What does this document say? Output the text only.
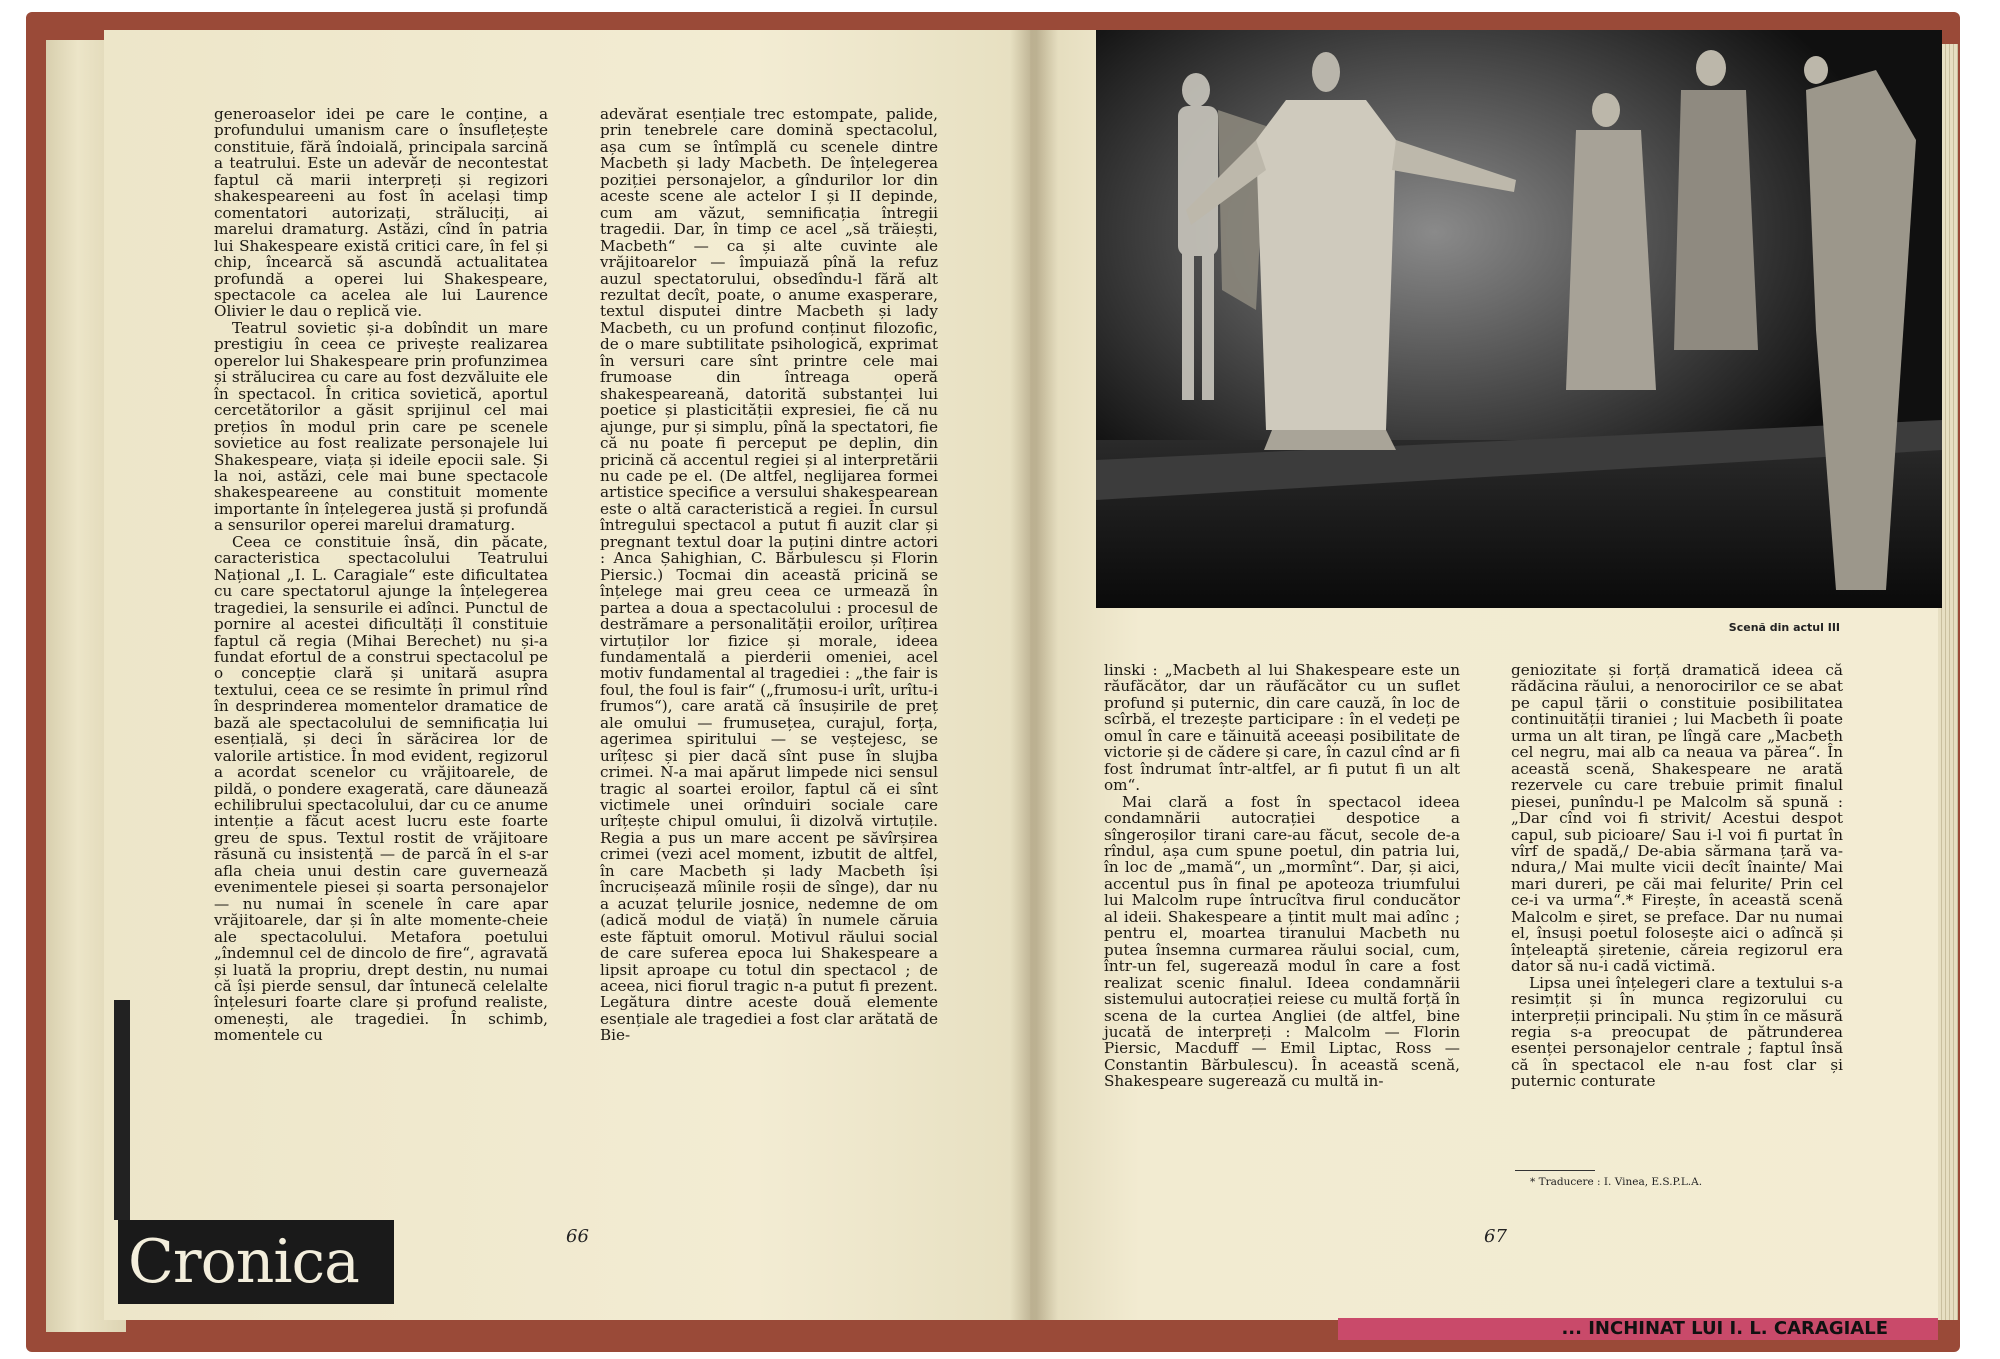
generoaselor idei pe care le conține, a profundului umanism care o însuflețește constituie, fără îndoială, principala sarcină a teatrului. Este un adevăr de necontestat faptul că marii interpreți și regizori shakespeareeni au fost în același timp comentatori autorizați, străluciți, ai marelui dramaturg. Astăzi, cînd în patria lui Shakespeare există critici care, în fel și chip, încearcă să ascundă actualitatea profundă a operei lui Shakespeare, spectacole ca acelea ale lui Laurence Olivier le dau o replică vie.

Teatrul sovietic și-a dobîndit un mare prestigiu în ceea ce privește realizarea operelor lui Shakespeare prin profunzimea și strălucirea cu care au fost dezvăluite ele în spectacol. În critica sovietică, aportul cercetătorilor a găsit sprijinul cel mai prețios în modul prin care pe scenele sovietice au fost realizate personajele lui Shakespeare, viața și ideile epocii sale. Și la noi, astăzi, cele mai bune spectacole shakespeareene au constituit momente importante în înțelegerea justă și profundă a sensurilor operei marelui dramaturg.

Ceea ce constituie însă, din păcate, caracteristica spectacolului Teatrului Național „I. L. Caragiale“ este dificultatea cu care spectatorul ajunge la înțelegerea tragediei, la sensurile ei adînci. Punctul de pornire al acestei dificultăți îl constituie faptul că regia (Mihai Berechet) nu și-a fundat efortul de a construi spectacolul pe o concepție clară și unitară asupra textului, ceea ce se resimte în primul rînd în desprinderea momentelor dramatice de bază ale spectacolului de semnificația lui esențială, și deci în sărăcirea lor de valorile artistice. În mod evident, regizorul a acordat scenelor cu vrăjitoarele, de pildă, o pondere exagerată, care dăunează echilibrului spectacolului, dar cu ce anume intenție a făcut acest lucru este foarte greu de spus. Textul rostit de vrăjitoare răsună cu insistență — de parcă în el s-ar afla cheia unui destin care guvernează evenimentele piesei și soarta personajelor — nu numai în scenele în care apar vrăjitoarele, dar și în alte momente-cheie ale spectacolului. Metafora poetului „îndemnul cel de dincolo de fire“, agravată și luată la propriu, drept destin, nu numai că își pierde sensul, dar întunecă celelalte înțelesuri foarte clare și profund realiste, omenești, ale tragediei. În schimb, momentele cu

adevărat esențiale trec estompate, palide, prin tenebrele care domină spectacolul, așa cum se întîmplă cu scenele dintre Macbeth și lady Macbeth. De înțelegerea poziției personajelor, a gîndurilor lor din aceste scene ale actelor I și II depinde, cum am văzut, semnificația întregii tragedii. Dar, în timp ce acel „să trăiești, Macbeth“ — ca și alte cuvinte ale vrăjitoarelor — împuiază pînă la refuz auzul spectatorului, obsedîndu-l fără alt rezultat decît, poate, o anume exasperare, textul disputei dintre Macbeth și lady Macbeth, cu un profund conținut filozofic, de o mare subtilitate psihologică, exprimat în versuri care sînt printre cele mai frumoase din întreaga operă shakespeareană, datorită substanței lui poetice și plasticității expresiei, fie că nu ajunge, pur și simplu, pînă la spectatori, fie că nu poate fi perceput pe deplin, din pricină că accentul regiei și al interpretării nu cade pe el. (De altfel, neglijarea formei artistice specifice a versului shakespearean este o altă caracteristică a regiei. În cursul întregului spectacol a putut fi auzit clar și pregnant textul doar la puțini dintre actori : Anca Șahighian, C. Bărbulescu și Florin Piersic.) Tocmai din această pricină se înțelege mai greu ceea ce urmează în partea a doua a spectacolului : procesul de destrămare a personalității eroilor, urîțirea virtuților lor fizice și morale, ideea fundamentală a pierderii omeniei, acel motiv fundamental al tragediei : „the fair is foul, the foul is fair“ („frumosu-i urît, urîtu-i frumos“), care arată că însușirile de preț ale omului — frumusețea, curajul, forța, agerimea spiritului — se veștejesc, se urîțesc și pier dacă sînt puse în slujba crimei. N-a mai apărut limpede nici sensul tragic al soartei eroilor, faptul că ei sînt victimele unei orînduiri sociale care urîțește chipul omului, îi dizolvă virtuțile. Regia a pus un mare accent pe săvîrșirea crimei (vezi acel moment, izbutit de altfel, în care Macbeth și lady Macbeth își încrucișează mîinile roșii de sînge), dar nu a acuzat țelurile josnice, nedemne de om (adică modul de viață) în numele căruia este făptuit omorul. Motivul răului social de care suferea epoca lui Shakespeare a lipsit aproape cu totul din spectacol ; de aceea, nici fiorul tragic n-a putut fi prezent. Legătura dintre aceste două elemente esențiale ale tragediei a fost clar arătată de Bie-

Cronica	66
Scenă din actul III

linski : „Macbeth al lui Shakespeare este un răufăcător, dar un răufăcător cu un suflet profund și puternic, din care cauză, în loc de scîrbă, el trezește participare : în el vedeți pe omul în care e tăinuită aceeași posibilitate de victorie și de cădere și care, în cazul cînd ar fi fost îndrumat într-altfel, ar fi putut fi un alt om“.

Mai clară a fost în spectacol ideea condamnării autocrației despotice a sîngeroșilor tirani care-au făcut, secole de-a rîndul, așa cum spune poetul, din patria lui, în loc de „mamă“, un „mormînt“. Dar, și aici, accentul pus în final pe apoteoza triumfului lui Malcolm rupe întrucîtva firul conducător al ideii. Shakespeare a țintit mult mai adînc ; pentru el, moartea tiranului Macbeth nu putea însemna curmarea răului social, cum, într-un fel, sugerează modul în care a fost realizat scenic finalul. Ideea condamnării sistemului autocrației reiese cu multă forță în scena de la curtea Angliei (de altfel, bine jucată de interpreți : Malcolm — Florin Piersic, Macduff — Emil Liptac, Ross — Constantin Bărbulescu). În această scenă, Shakespeare sugerează cu multă in-

geniozitate și forță dramatică ideea că rădăcina răului, a nenorocirilor ce se abat pe capul țării o constituie posibilitatea continuității tiraniei ; lui Macbeth îi poate urma un alt tiran, pe lîngă care „Macbeth cel negru, mai alb ca neaua va părea“. În această scenă, Shakespeare ne arată rezervele cu care trebuie primit finalul piesei, punîndu-l pe Malcolm să spună : „Dar cînd voi fi strivit/ Acestui despot capul, sub picioare/ Sau i-l voi fi purtat în vîrf de spadă,/ De-abia sărmana țară va-ndura,/ Mai multe vicii decît înainte/ Mai mari dureri, pe căi mai felurite/ Prin cel ce-i va urma“.* Firește, în această scenă Malcolm e șiret, se preface. Dar nu numai el, însuși poetul folosește aici o adîncă și înțeleaptă șiretenie, căreia regizorul era dator să nu-i cadă victimă.

Lipsa unei înțelegeri clare a textului s-a resimțit și în munca regizorului cu interpreții principali. Nu știm în ce măsură regia s-a preocupat de pătrunderea esenței personajelor centrale ; faptul însă că în spectacol ele n-au fost clar și puternic conturate

* Traducere : I. Vinea, E.S.P.L.A.
67
... INCHINAT LUI I. L. CARAGIALE
